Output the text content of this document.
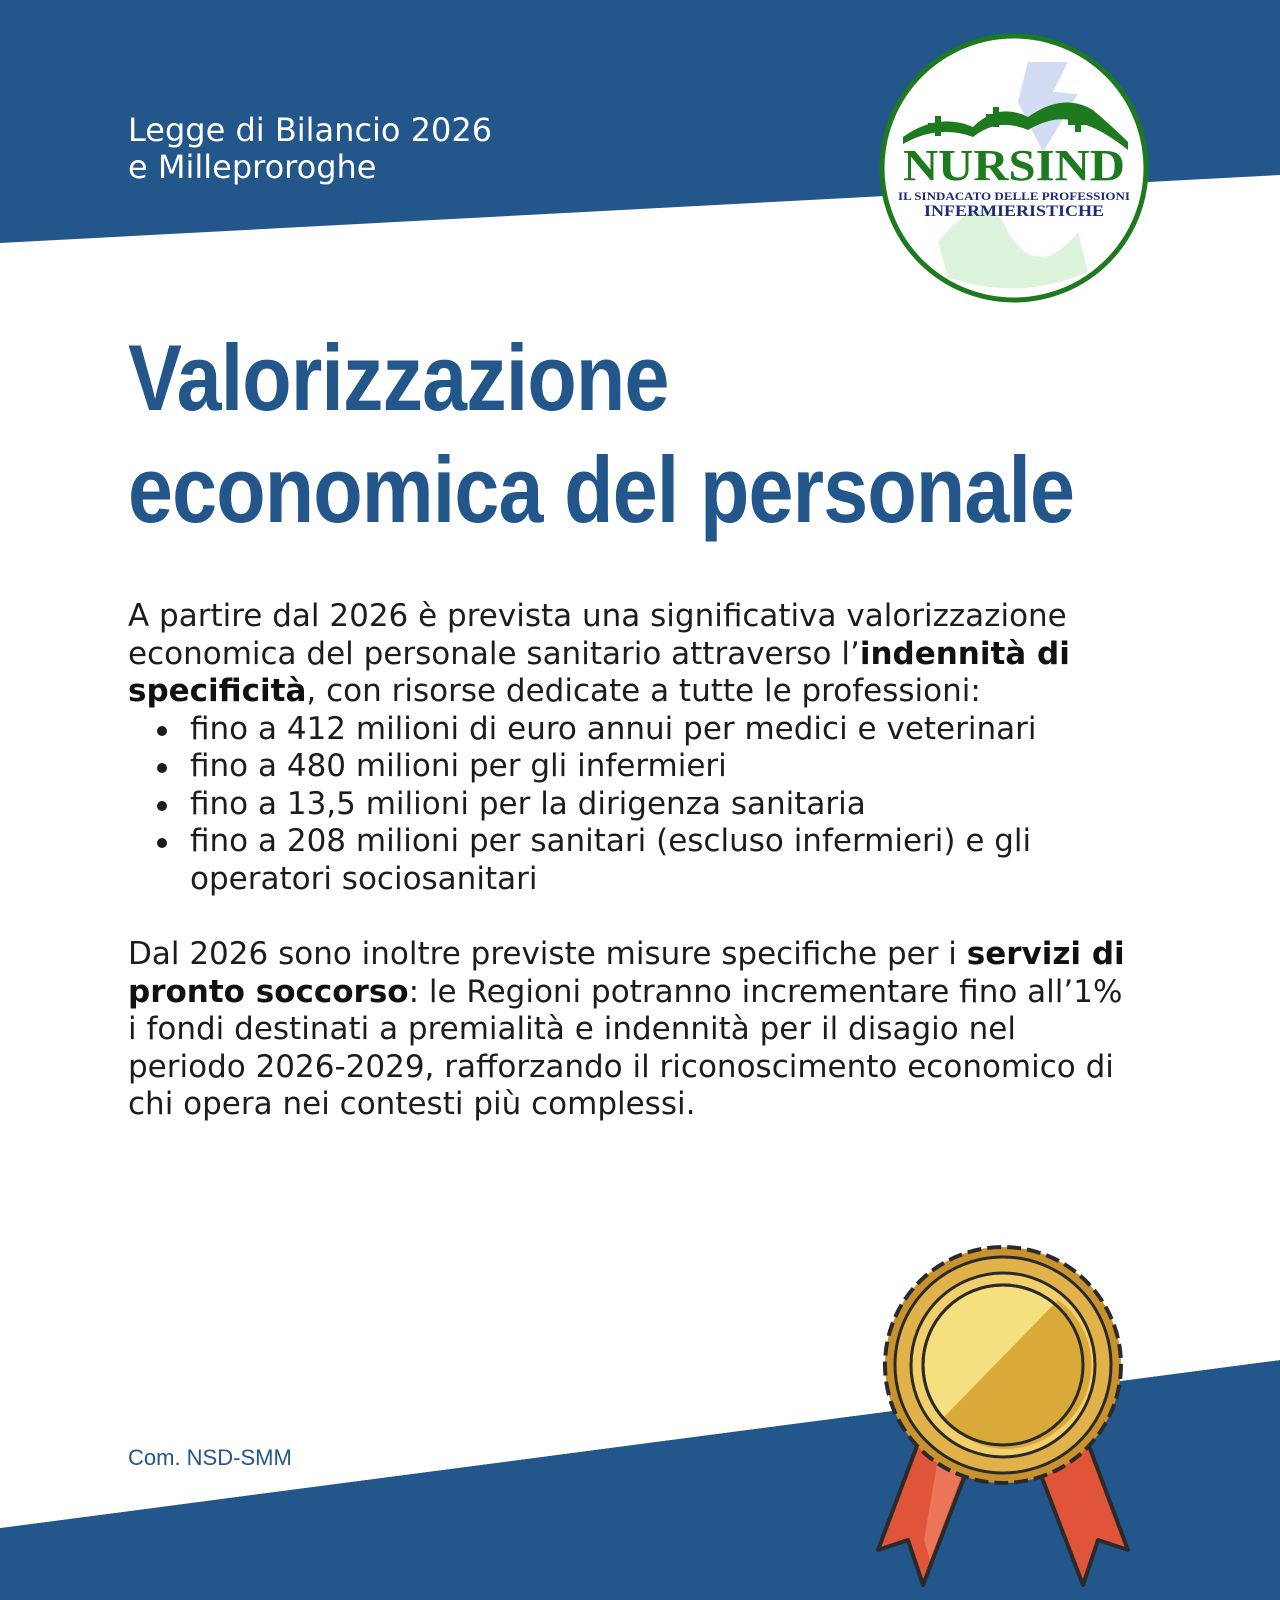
Legge di Bilancio 2026
e Milleproroghe	NURSIND
IL SINDACATO DELLE PROFESSIONI
INFERMIERISTICHE
Valorizzazione
economica del personale

A partire dal 2026 è prevista una significativa valorizzazione economica del personale sanitario attraverso l’indennità di specificità, con risorse dedicate a tutte le professioni:

fino a 412 milioni di euro annui per medici e veterinari
fino a 480 milioni per gli infermieri
fino a 13,5 milioni per la dirigenza sanitaria
fino a 208 milioni per sanitari (escluso infermieri) e gli operatori sociosanitari

Dal 2026 sono inoltre previste misure specifiche per i servizi di pronto soccorso: le Regioni potranno incrementare fino all’1% i fondi destinati a premialità e indennità per il disagio nel periodo 2026-2029, rafforzando il riconoscimento economico di chi opera nei contesti più complessi.

Com. NSD-SMM
